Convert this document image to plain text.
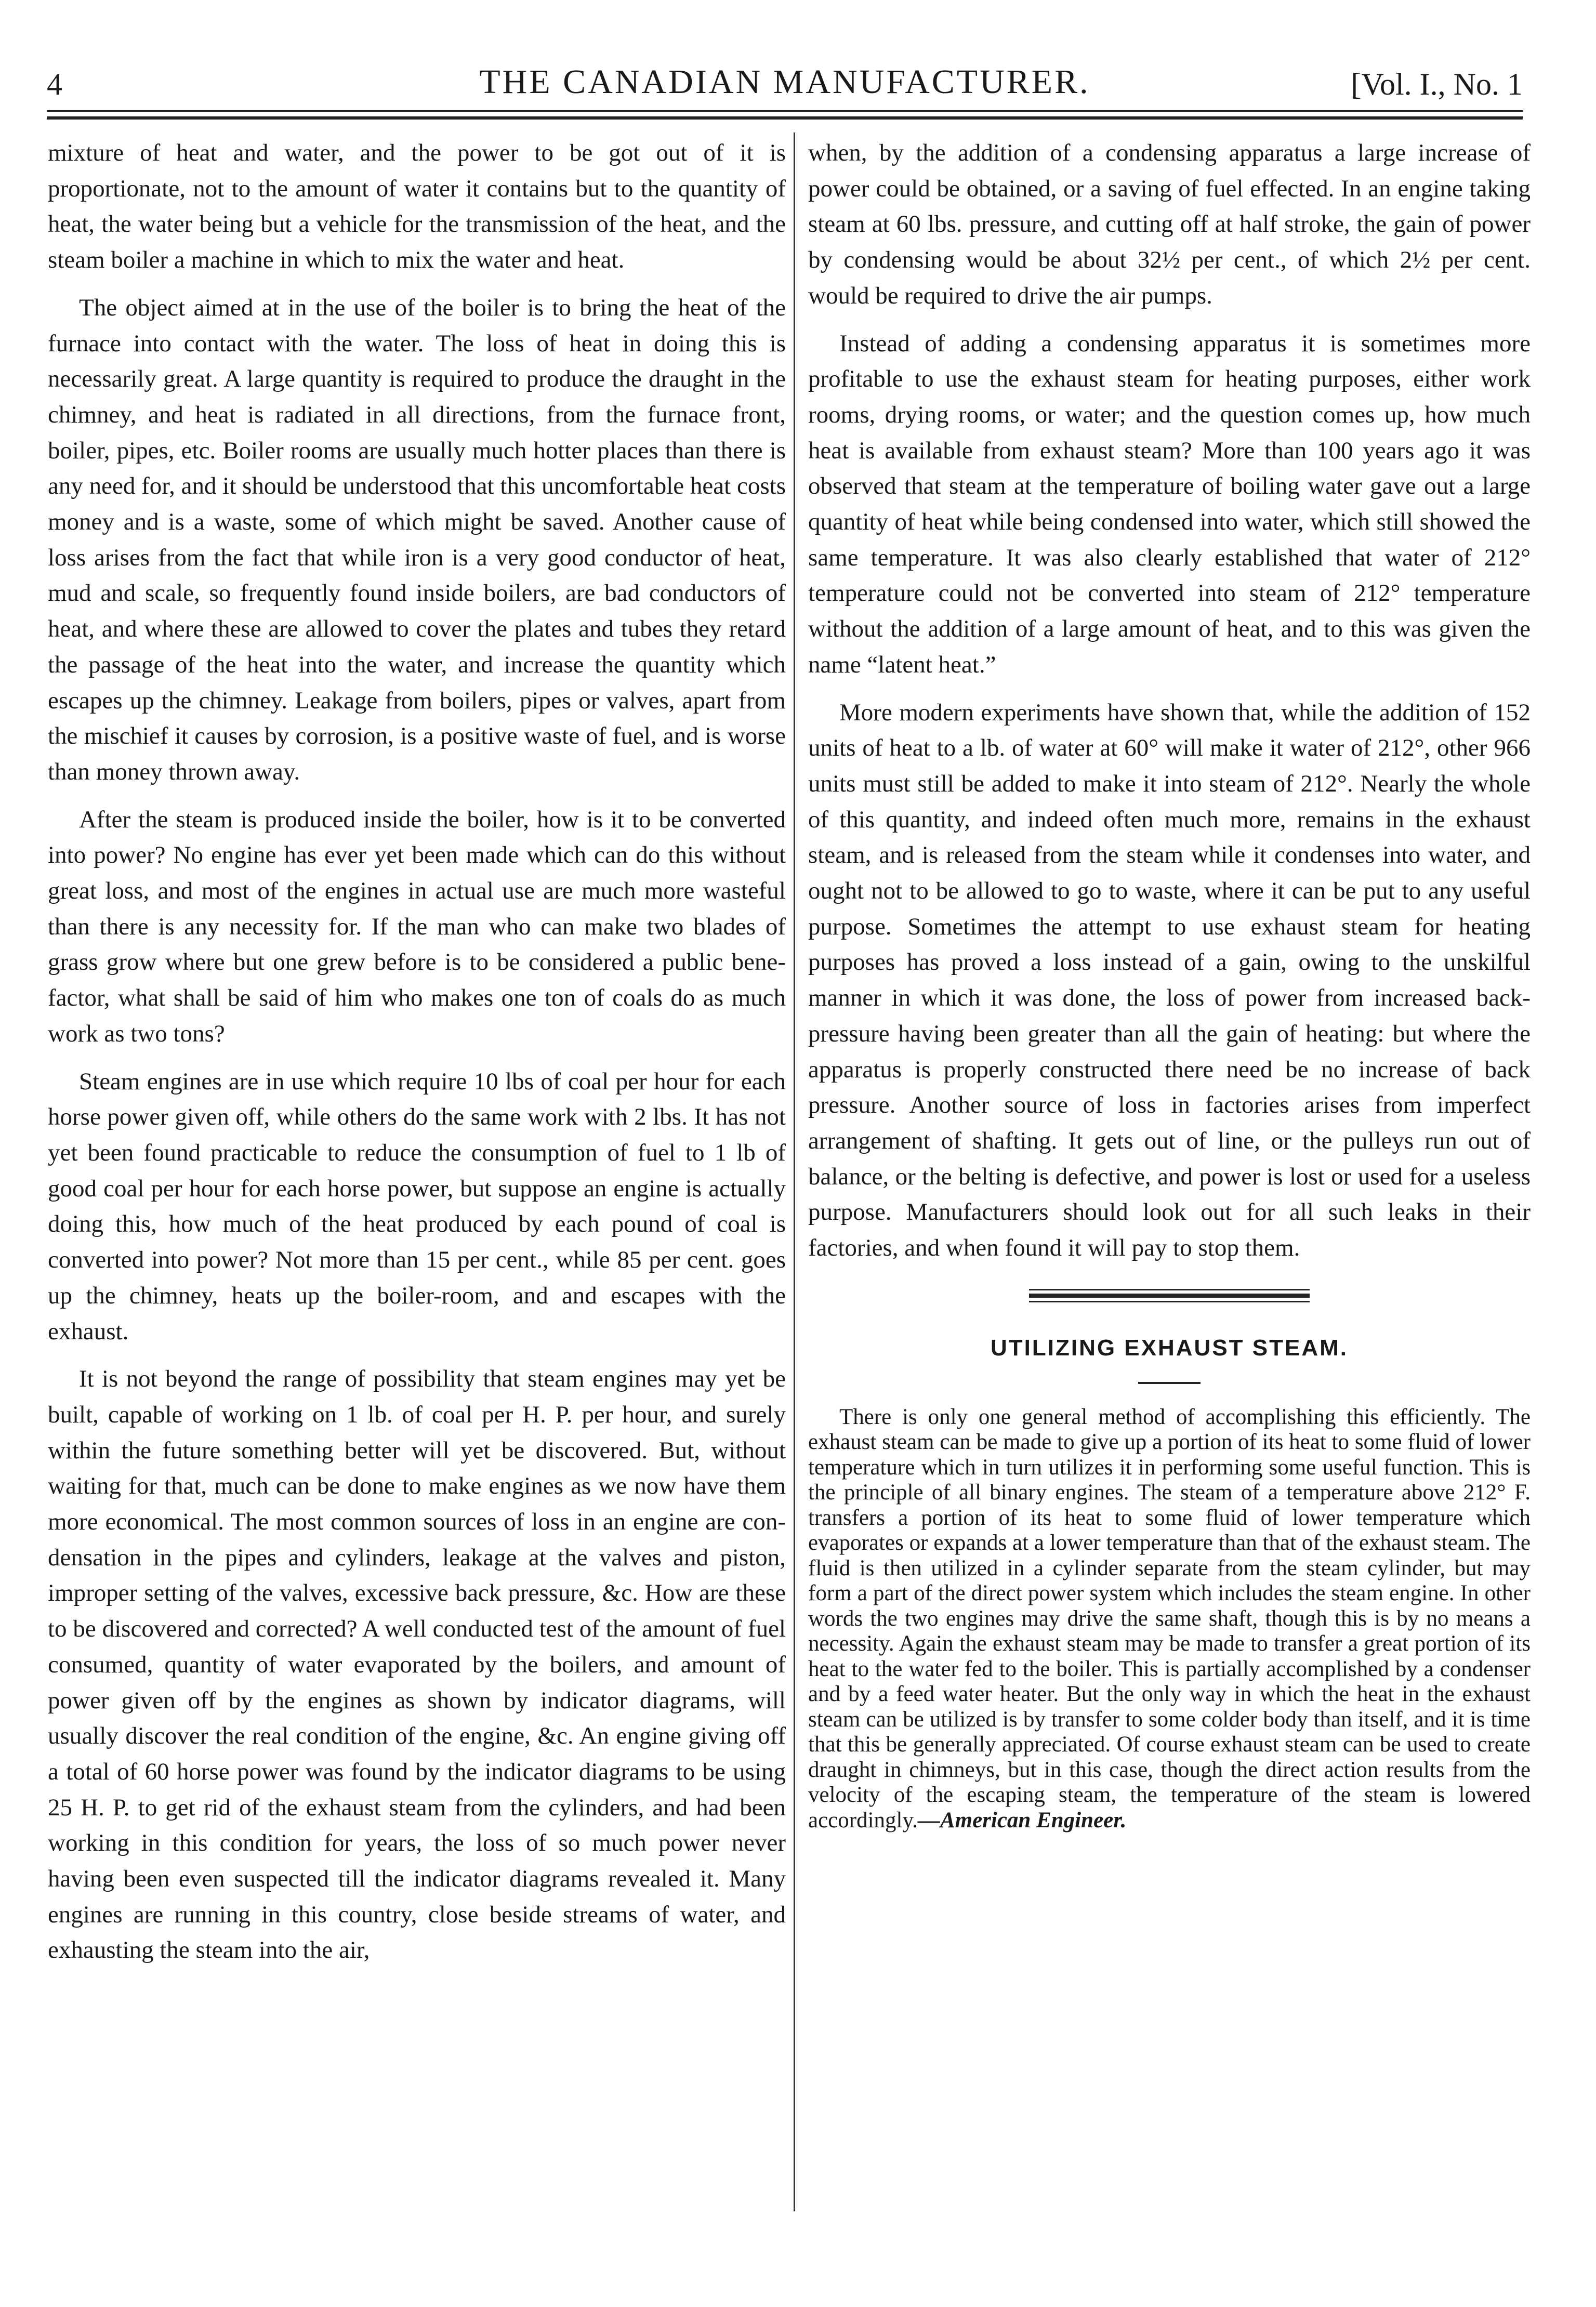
4	THE CANADIAN MANUFACTURER.	[Vol. I., No. 1

mixture of heat and water, and the power to be got out of it is proportionate, not to the amount of water it contains but to the quantity of heat, the water being but a vehicle for the transmission of the heat, and the steam boiler a machine in which to mix the water and heat.

The object aimed at in the use of the boiler is to bring the heat of the furnace into contact with the water. The loss of heat in doing this is necessarily great. A large quantity is required to produce the draught in the chimney, and heat is radiated in all directions, from the furnace front, boiler, pipes, etc. Boiler rooms are usually much hotter places than there is any need for, and it should be understood that this uncomfortable heat costs money and is a waste, some of which might be saved. Another cause of loss arises from the fact that while iron is a very good conductor of heat, mud and scale, so frequently found inside boilers, are bad conductors of heat, and where these are allowed to cover the plates and tubes they retard the passage of the heat into the water, and increase the quantity which escapes up the chimney. Leakage from boilers, pipes or valves, apart from the mischief it causes by corrosion, is a positive waste of fuel, and is worse than money thrown away.

After the steam is produced inside the boiler, how is it to be converted into power? No engine has ever yet been made which can do this without great loss, and most of the engines in actual use are much more wasteful than there is any necessity for. If the man who can make two blades of grass grow where but one grew before is to be considered a public benefactor, what shall be said of him who makes one ton of coals do as much work as two tons?

Steam engines are in use which require 10 lbs of coal per hour for each horse power given off, while others do the same work with 2 lbs. It has not yet been found practicable to reduce the consumption of fuel to 1 lb of good coal per hour for each horse power, but suppose an engine is actually doing this, how much of the heat produced by each pound of coal is converted into power? Not more than 15 per cent., while 85 per cent. goes up the chimney, heats up the boiler-room, and and escapes with the exhaust.

It is not beyond the range of possibility that steam engines may yet be built, capable of working on 1 lb. of coal per H. P. per hour, and surely within the future something better will yet be discovered. But, without waiting for that, much can be done to make engines as we now have them more economical. The most common sources of loss in an engine are condensation in the pipes and cylinders, leakage at the valves and piston, improper setting of the valves, excessive back pressure, &c. How are these to be discovered and corrected? A well conducted test of the amount of fuel consumed, quantity of water evaporated by the boilers, and amount of power given off by the engines as shown by indicator diagrams, will usually discover the real condition of the engine, &c. An engine giving off a total of 60 horse power was found by the indicator diagrams to be using 25 H. P. to get rid of the exhaust steam from the cylinders, and had been working in this condition for years, the loss of so much power never having been even suspected till the indicator diagrams revealed it. Many engines are running in this country, close beside streams of water, and exhausting the steam into the air,

when, by the addition of a condensing apparatus a large increase of power could be obtained, or a saving of fuel effected. In an engine taking steam at 60 lbs. pressure, and cutting off at half stroke, the gain of power by condensing would be about 32½ per cent., of which 2½ per cent. would be required to drive the air pumps.

Instead of adding a condensing apparatus it is sometimes more profitable to use the exhaust steam for heating purposes, either work rooms, drying rooms, or water; and the question comes up, how much heat is available from exhaust steam? More than 100 years ago it was observed that steam at the temperature of boiling water gave out a large quantity of heat while being condensed into water, which still showed the same temperature. It was also clearly established that water of 212° temperature could not be converted into steam of 212° temperature without the addition of a large amount of heat, and to this was given the name “latent heat.”

More modern experiments have shown that, while the addition of 152 units of heat to a lb. of water at 60° will make it water of 212°, other 966 units must still be added to make it into steam of 212°. Nearly the whole of this quantity, and indeed often much more, remains in the exhaust steam, and is released from the steam while it condenses into water, and ought not to be allowed to go to waste, where it can be put to any useful purpose. Sometimes the attempt to use exhaust steam for heating purposes has proved a loss instead of a gain, owing to the unskilful manner in which it was done, the loss of power from increased back-pressure having been greater than all the gain of heating: but where the apparatus is properly constructed there need be no increase of back pressure. Another source of loss in factories arises from imperfect arrangement of shafting. It gets out of line, or the pulleys run out of balance, or the belting is defective, and power is lost or used for a useless purpose. Manufacturers should look out for all such leaks in their factories, and when found it will pay to stop them.

UTILIZING EXHAUST STEAM.

There is only one general method of accomplishing this efficiently. The exhaust steam can be made to give up a portion of its heat to some fluid of lower temperature which in turn utilizes it in performing some useful function. This is the principle of all binary engines. The steam of a temperature above 212° F. transfers a portion of its heat to some fluid of lower temperature which evaporates or expands at a lower temperature than that of the exhaust steam. The fluid is then utilized in a cylinder separate from the steam cylinder, but may form a part of the direct power system which includes the steam engine. In other words the two engines may drive the same shaft, though this is by no means a necessity. Again the exhaust steam may be made to transfer a great portion of its heat to the water fed to the boiler. This is partially accomplished by a condenser and by a feed water heater. But the only way in which the heat in the exhaust steam can be utilized is by transfer to some colder body than itself, and it is time that this be generally appreciated. Of course exhaust steam can be used to create draught in chimneys, but in this case, though the direct action results from the velocity of the escaping steam, the temperature of the steam is lowered accordingly.—American Engineer.
